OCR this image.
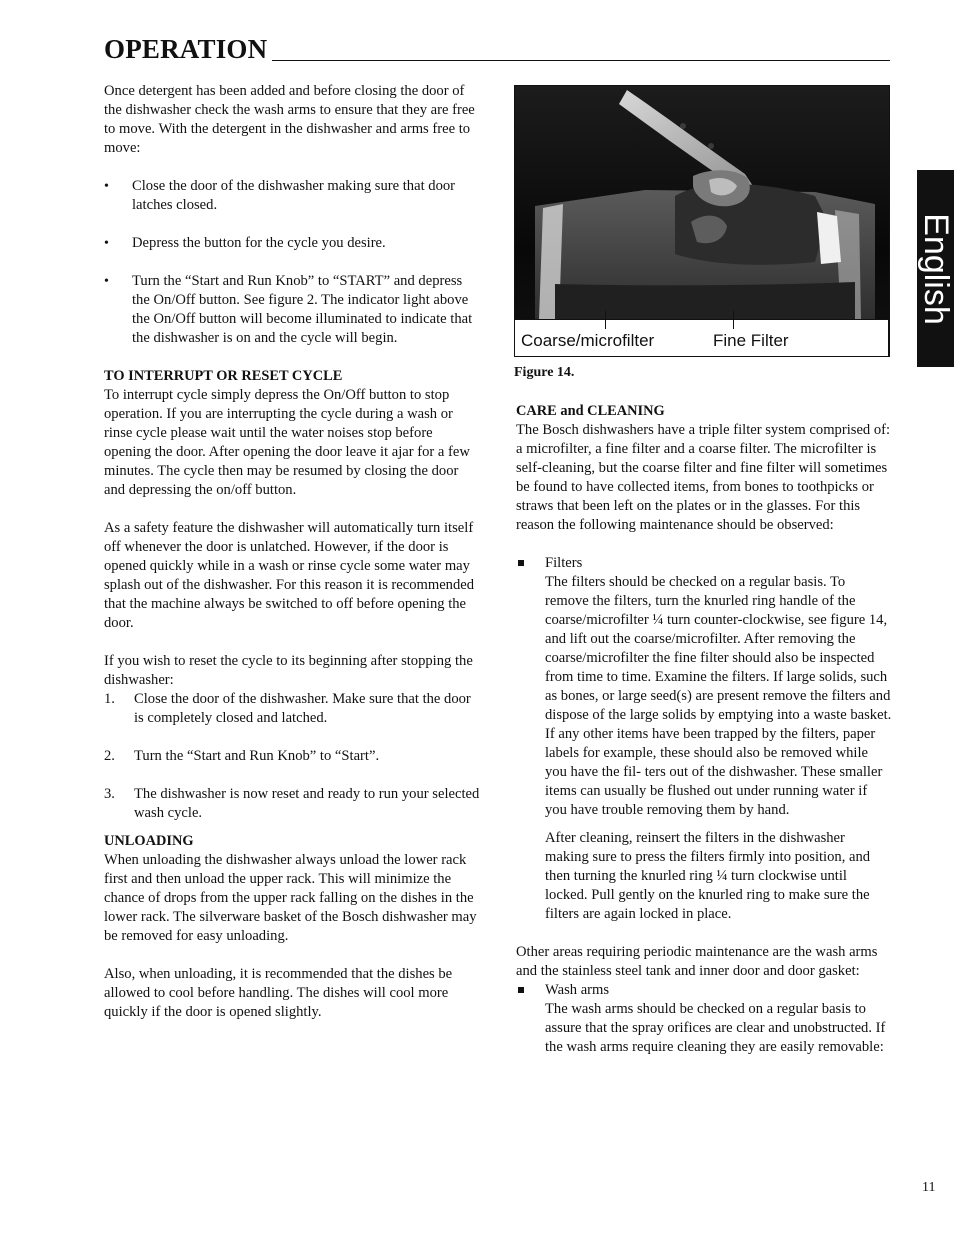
OPERATION

Once detergent has been added and before closing the door of the dishwasher check the wash arms to ensure that they are free to move. With the detergent in the dishwasher and arms free to move:

• Close the door of the dishwasher making sure that door latches closed.
• Depress the button for the cycle you desire.
• Turn the “Start and Run Knob” to “START” and depress the On/Off button. See figure 2. The indicator light above the On/Off button will become illuminated to indicate that the dishwasher is on and the cycle will begin.
TO INTERRUPT OR RESET CYCLE

To interrupt cycle simply depress the On/Off button to stop operation. If you are interrupting the cycle during a wash or rinse cycle please wait until the water noises stop before opening the door. After opening the door leave it ajar for a few minutes. The cycle then may be resumed by closing the door and depressing the on/off button.

As a safety feature the dishwasher will automatically turn itself off whenever the door is unlatched. However, if the door is opened quickly while in a wash or rinse cycle some water may splash out of the dishwasher. For this reason it is recommended that the machine always be switched to off before opening the door.

If you wish to reset the cycle to its beginning after stopping the dishwasher:

1. Close the door of the dishwasher. Make sure that the door is completely closed and latched.
2. Turn the “Start and Run Knob” to “Start”.
3. The dishwasher is now reset and ready to run your selected wash cycle.
UNLOADING

When unloading the dishwasher always unload the lower rack first and then unload the upper rack. This will minimize the chance of drops from the upper rack falling on the dishes in the lower rack. The silverware basket of the Bosch dishwasher may be removed for easy unloading.

Also, when unloading, it is recommended that the dishes be allowed to cool before handling. The dishes will cool more quickly if the door is opened slightly.

Coarse/microfilter	Fine Filter
Figure 14.
CARE and CLEANING

The Bosch dishwashers have a triple filter system comprised of: a microfilter, a fine filter and a coarse filter. The microfilter is self-cleaning, but the coarse filter and fine filter will sometimes be found to have collected items, from bones to toothpicks or straws that been left on the plates or in the glasses. For this reason the following maintenance should be observed:

Filters

The filters should be checked on a regular basis. To remove the filters, turn the knurled ring handle of the coarse/microfilter ¼ turn counter-clockwise, see figure 14, and lift out the coarse/microfilter. After removing the coarse/microfilter the fine filter should also be inspected from time to time. Examine the filters. If large solids, such as bones, or large seed(s) are present remove the filters and dispose of the large solids by emptying into a waste basket. If any other items have been trapped by the filters, paper labels for example, these should also be removed while you have the fil- ters out of the dishwasher. These smaller items can usually be flushed out under running water if you have trouble removing them by hand.

After cleaning, reinsert the filters in the dishwasher making sure to press the filters firmly into position, and then turning the knurled ring ¼ turn clockwise until locked. Pull gently on the knurled ring to make sure the filters are again locked in place.

Other areas requiring periodic maintenance are the wash arms and the stainless steel tank and inner door and door gasket:

Wash arms

The wash arms should be checked on a regular basis to assure that the spray orifices are clear and unobstructed. If the wash arms require cleaning they are easily removable:

English
11
